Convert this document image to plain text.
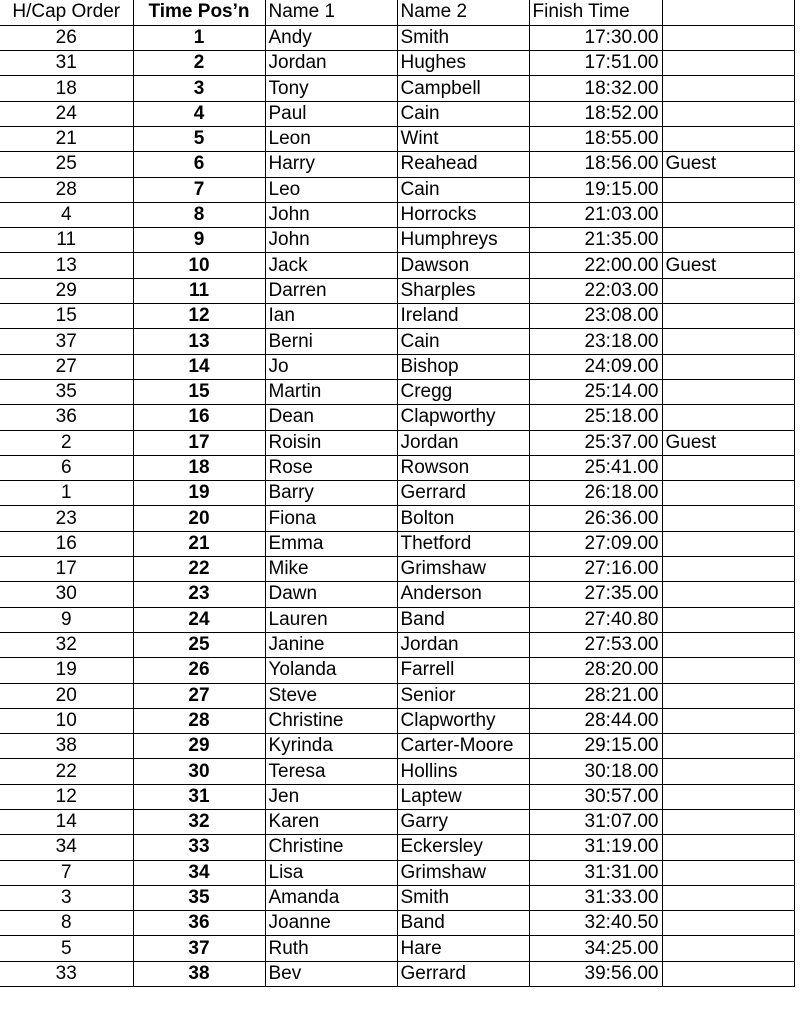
H/Cap Order	Time Pos’n	Name 1	Name 2	Finish Time	
26	1	Andy	Smith	17:30.00	
31	2	Jordan	Hughes	17:51.00	
18	3	Tony	Campbell	18:32.00	
24	4	Paul	Cain	18:52.00	
21	5	Leon	Wint	18:55.00	
25	6	Harry	Reahead	18:56.00	Guest
28	7	Leo	Cain	19:15.00	
4	8	John	Horrocks	21:03.00	
11	9	John	Humphreys	21:35.00	
13	10	Jack	Dawson	22:00.00	Guest
29	11	Darren	Sharples	22:03.00	
15	12	Ian	Ireland	23:08.00	
37	13	Berni	Cain	23:18.00	
27	14	Jo	Bishop	24:09.00	
35	15	Martin	Cregg	25:14.00	
36	16	Dean	Clapworthy	25:18.00	
2	17	Roisin	Jordan	25:37.00	Guest
6	18	Rose	Rowson	25:41.00	
1	19	Barry	Gerrard	26:18.00	
23	20	Fiona	Bolton	26:36.00	
16	21	Emma	Thetford	27:09.00	
17	22	Mike	Grimshaw	27:16.00	
30	23	Dawn	Anderson	27:35.00	
9	24	Lauren	Band	27:40.80	
32	25	Janine	Jordan	27:53.00	
19	26	Yolanda	Farrell	28:20.00	
20	27	Steve	Senior	28:21.00	
10	28	Christine	Clapworthy	28:44.00	
38	29	Kyrinda	Carter-Moore	29:15.00	
22	30	Teresa	Hollins	30:18.00	
12	31	Jen	Laptew	30:57.00	
14	32	Karen	Garry	31:07.00	
34	33	Christine	Eckersley	31:19.00	
7	34	Lisa	Grimshaw	31:31.00	
3	35	Amanda	Smith	31:33.00	
8	36	Joanne	Band	32:40.50	
5	37	Ruth	Hare	34:25.00	
33	38	Bev	Gerrard	39:56.00	
